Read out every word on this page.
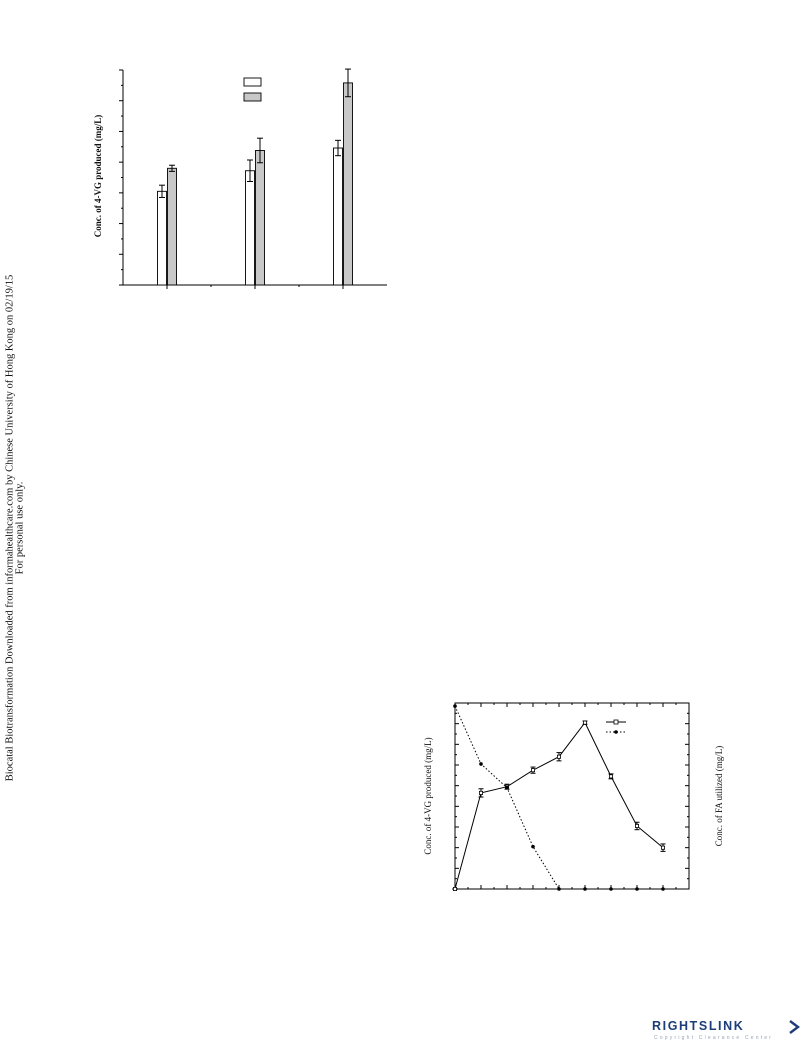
Biocatal Biotransformation Downloaded from informahealthcare.com by Chinese University of Hong Kong on 02/19/15 For personal use only.
Conc. of 4-VG produced (mg/L)
Conc. of 4-VG produced (mg/L)	Conc. of FA utilized (mg/L)
RIGHTSLINK
Copyright Clearance Center
